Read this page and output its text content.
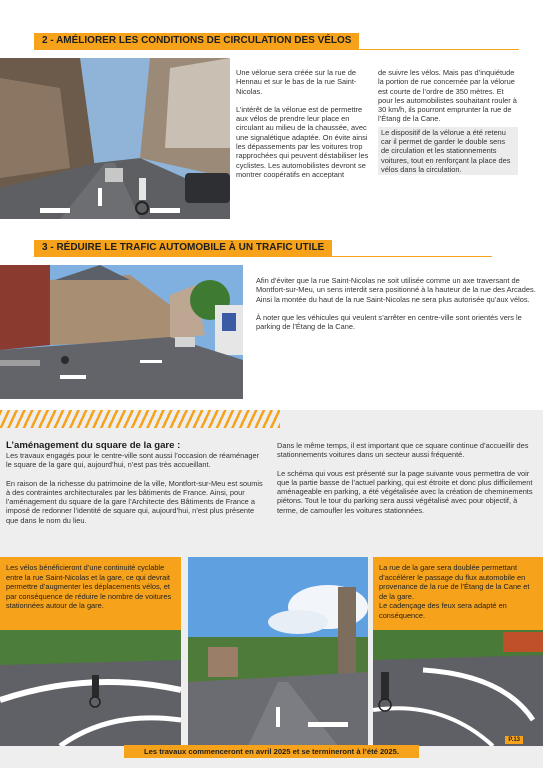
2 - AMÉLIORER LES CONDITIONS DE CIRCULATION DES VÉLOS

Une vélorue sera créée sur la rue de Hennau et sur le bas de la rue Saint-Nicolas.

L’intérêt de la vélorue est de permettre aux vélos de prendre leur place en circulant au milieu de la chaussée, avec une signalétique adaptée. On évite ainsi les dépassements par les voitures trop rapprochées qui peuvent déstabiliser les cyclistes. Les automobilistes devront se montrer coopératifs en acceptant

de suivre les vélos. Mais pas d’inquiétude la portion de rue concernée par la vélorue est courte de l’ordre de 350 mètres. Et pour les automobilistes souhaitant rouler à 30 km/h, ils pourront emprunter la rue de l’Étang de la Cane.

Le dispositif de la vélorue a été retenu car il permet de garder le double sens de circulation et les stationnements voitures, tout en renforçant la place des vélos dans la circulation.

3 - RÉDUIRE LE TRAFIC AUTOMOBILE À UN TRAFIC UTILE

Afin d’éviter que la rue Saint-Nicolas ne soit utilisée comme un axe traversant de Montfort-sur-Meu, un sens interdit sera positionné à la hauteur de la rue des Arcades. Ainsi la montée du haut de la rue Saint-Nicolas ne sera plus autorisée qu’aux vélos.

À noter que les véhicules qui veulent s’arrêter en centre-ville sont orientés vers le parking de l’Étang de la Cane.

L’aménagement du square de la gare :

Les travaux engagés pour le centre-ville sont aussi l’occasion de réaménager le square de la gare qui, aujourd’hui, n’est pas très accueillant.

En raison de la richesse du patrimoine de la ville, Montfort-sur-Meu est soumis à des contraintes architecturales par les bâtiments de France. Ainsi, pour l’aménagement du square de la gare l’Architecte des Bâtiments de France a imposé de redonner l’identité de square qui, aujourd’hui, n’est plus présente que dans le nom du lieu.

Dans le même temps, il est important que ce square continue d’accueillir des stationnements voitures dans un secteur aussi fréquenté.

Le schéma qui vous est présenté sur la page suivante vous permettra de voir que la partie basse de l’actuel parking, qui est étroite et donc plus difficilement aménageable en parking, a été végétalisée avec la création de cheminements piétons. Tout le tour du parking sera aussi végétalisé avec pour objectif, à terme, de camoufler les voitures stationnées.

Les vélos bénéficieront d’une continuité cyclable entre la rue Saint-Nicolas et la gare, ce qui devrait permettre d’augmenter les déplacements vélos, et par conséquence de réduire le nombre de voitures stationnées autour de la gare.
La rue de la gare sera doublée permettant d’accélérer le passage du flux automobile en provenance de la rue de l’Étang de la Cane et de la gare.
Le cadençage des feux sera adapté en conséquence.
P.13
Les travaux commenceront en avril 2025 et se termineront à l’été 2025.
